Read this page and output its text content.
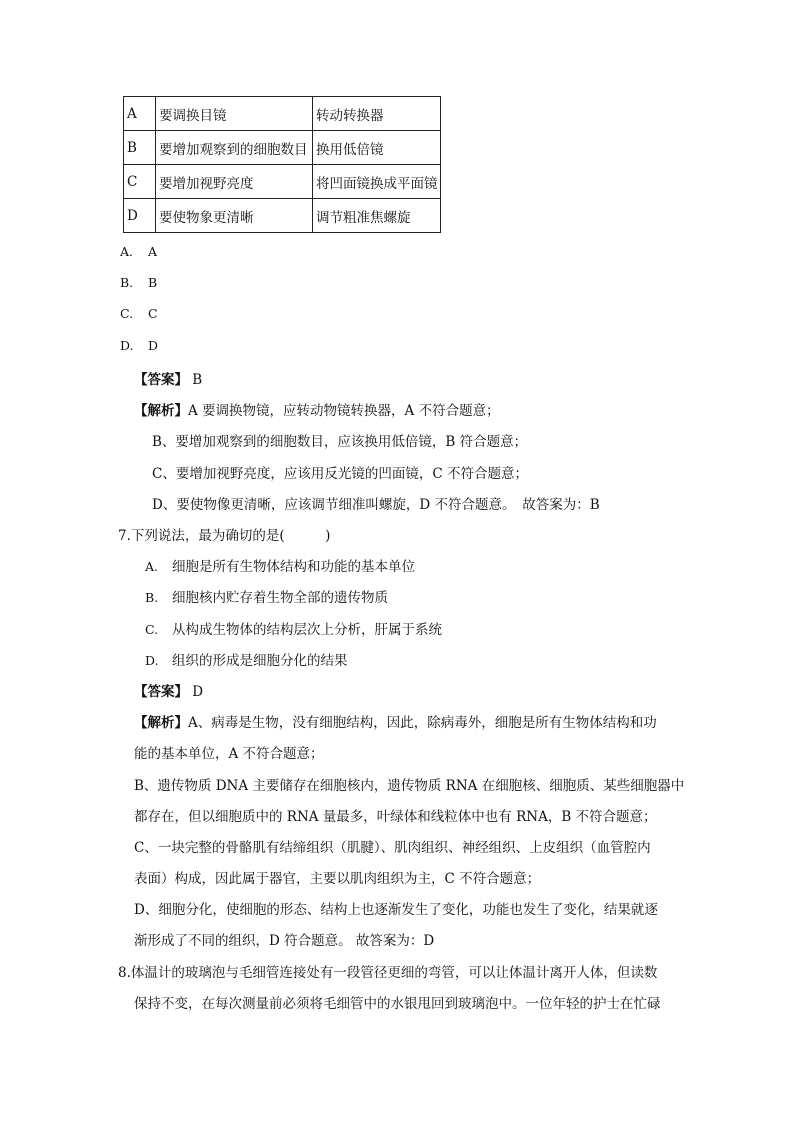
A	要调换目镜	转动转换器
B	要增加观察到的细胞数目	换用低倍镜
C	要增加视野亮度	将凹面镜换成平面镜
D	要使物象更清晰	调节粗准焦螺旋
A. A
B. B
C. C
D. D
【答案】 B
【解析】A 要调换物镜，应转动物镜转换器，A 不符合题意；
B、要增加观察到的细胞数目，应该换用低倍镜，B 符合题意；
C、要增加视野亮度，应该用反光镜的凹面镜，C 不符合题意；
D、要使物像更清晰，应该调节细准叫螺旋，D 不符合题意。　故答案为：B
7.下列说法，最为确切的是(　　　)
A. 细胞是所有生物体结构和功能的基本单位
B. 细胞核内贮存着生物全部的遗传物质
C. 从构成生物体的结构层次上分析，肝属于系统
D. 组织的形成是细胞分化的结果
【答案】 D
【解析】A、病毒是生物，没有细胞结构，因此，除病毒外，细胞是所有生物体结构和功
能的基本单位，A 不符合题意；
B、遗传物质 DNA 主要储存在细胞核内，遗传物质 RNA 在细胞核、细胞质、某些细胞器中
都存在，但以细胞质中的 RNA 量最多，叶绿体和线粒体中也有 RNA，B 不符合题意；
C、一块完整的骨骼肌有结缔组织（肌腱）、肌肉组织、神经组织、上皮组织（血管腔内
表面）构成，因此属于器官，主要以肌肉组织为主，C 不符合题意；
D、细胞分化，使细胞的形态、结构上也逐渐发生了变化，功能也发生了变化，结果就逐
渐形成了不同的组织，D 符合题意。 故答案为：D
8.体温计的玻璃泡与毛细管连接处有一段管径更细的弯管，可以让体温计离开人体，但读数
保持不变，在每次测量前必须将毛细管中的水银甩回到玻璃泡中。一位年轻的护士在忙碌
